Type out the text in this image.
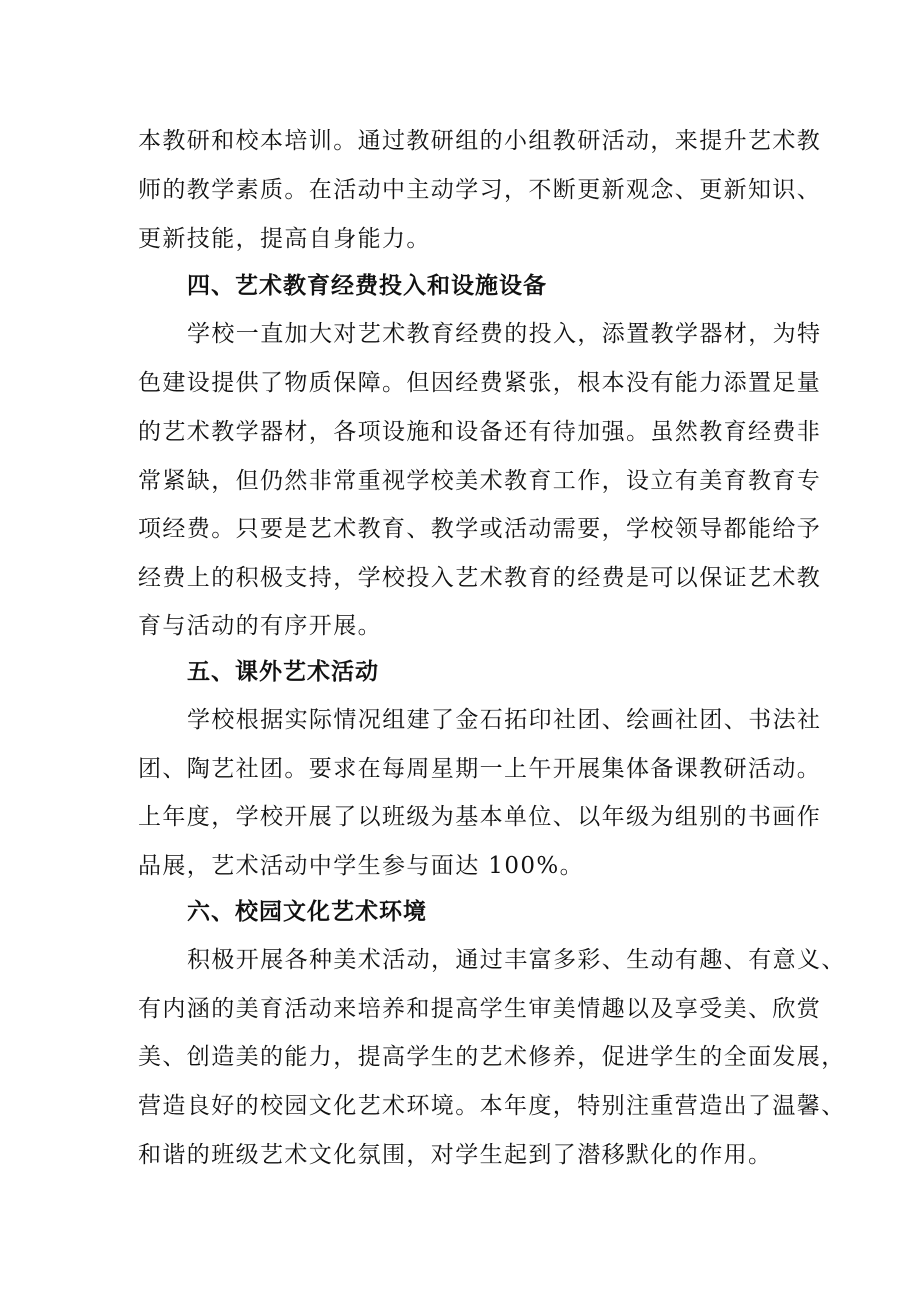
本教研和校本培训。通过教研组的小组教研活动，来提升艺术教
师的教学素质。在活动中主动学习，不断更新观念、更新知识、
更新技能，提高自身能力。
四、艺术教育经费投入和设施设备
学校一直加大对艺术教育经费的投入，添置教学器材，为特
色建设提供了物质保障。但因经费紧张，根本没有能力添置足量
的艺术教学器材，各项设施和设备还有待加强。虽然教育经费非
常紧缺，但仍然非常重视学校美术教育工作，设立有美育教育专
项经费。只要是艺术教育、教学或活动需要，学校领导都能给予
经费上的积极支持，学校投入艺术教育的经费是可以保证艺术教
育与活动的有序开展。
五、课外艺术活动
学校根据实际情况组建了金石拓印社团、绘画社团、书法社
团、陶艺社团。要求在每周星期一上午开展集体备课教研活动。
上年度，学校开展了以班级为基本单位、以年级为组别的书画作
品展，艺术活动中学生参与面达 100%。
六、校园文化艺术环境
积极开展各种美术活动，通过丰富多彩、生动有趣、有意义、
有内涵的美育活动来培养和提高学生审美情趣以及享受美、欣赏
美、创造美的能力，提高学生的艺术修养，促进学生的全面发展，
营造良好的校园文化艺术环境。本年度，特别注重营造出了温馨、
和谐的班级艺术文化氛围，对学生起到了潜移默化的作用。
